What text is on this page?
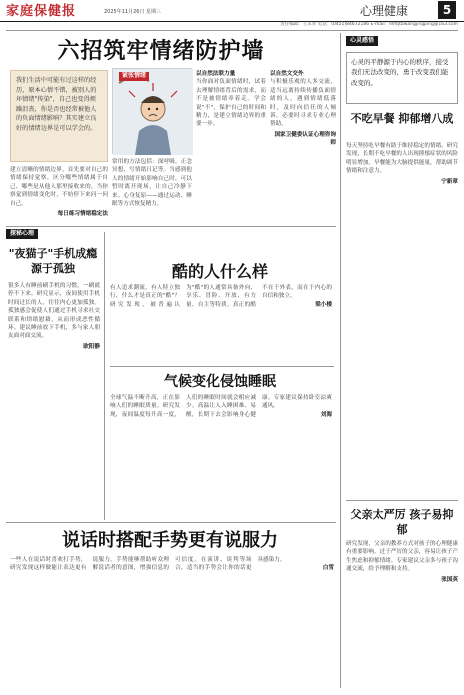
家庭保健报	2025年11月26日 星期三	心理健康	5
责任编辑：王未青 电话：(0451)84672186 E-mail：hlhtjtbwangjingping@163.com
六招筑牢情绪防护墙
我们生活中可能有过这样的经历，原本心情不错，被别人的坏情绪"传染"，自己也变得烦躁沮丧，你是否也经常被他人的负面情绪影响？其实建立良好的情绪边界是可以学会的。
紧张情绪
建立清晰的情绪边界，首先要对自己的情绪保持觉察，区分哪些情绪属于自己、哪些是从他人那里接收来的。当你察觉到情绪变化时，不妨停下来问一问自己。
每日练习情绪稳定法
常用的方法包括：深呼吸、正念冥想、写情绪日记等。当感到他人的情绪开始影响自己时，可以暂时离开现场，让自己冷静下来。心身复原——通过运动、睡眠等方式恢复精力。
以自然法联力量
当你面对负面情绪时，试着去理解情绪背后的需求，而不是被情绪牵着走。学会说"不"，保护自己的时间和精力，是建立情绪边界的重要一步。
以自然文交外
与积极乐观的人多交流，适当远离持续传播负面情绪的人。遇到情绪低落时，及时向信任的人倾诉，必要时寻求专业心理帮助。
国家卫健委认证心理咨询师
心灵感悟
心灵的平静源于内心的秩序，接受我们无法改变的，勇于改变我们能改变的。
不吃早餐 抑郁增八成
每天坚持吃早餐有助于维持稳定的情绪。研究发现，长期不吃早餐的人出现抑郁症状的风险明显增加。早餐能为大脑提供能量，帮助调节情绪和注意力。
宁新章
父亲太严厉 孩子易抑郁
研究发现，父亲的教养方式对孩子的心理健康有重要影响。过于严厉的父亲，容易让孩子产生焦虑和抑郁情绪。专家建议父亲多与孩子沟通交流，给予理解和支持。
张国英
探秘心理
"夜猫子"手机成瘾 源于孤独
很多人有睡前刷手机的习惯，一刷就停不下来。研究显示，夜间使用手机时间过长的人，往往内心更加孤独。孤独感会促使人们通过手机寻求社交联系和情绪慰藉，从而形成恶性循环。建议睡前放下手机，多与家人朋友面对面交流。
欧阳静
酷的人什么样
有人追求潮流，有人特立独行，什么才是真正的"酷"？研究发现，被普遍认为"酷"的人通常具备外向、享乐、冒险、开放、有力量、自主等特质。真正的酷不在于外表，而在于内心的自信和独立。
梁小楼
气候变化侵蚀睡眠
全球气温不断升高，正在影响人们的睡眠质量。研究发现，夜间温度每升高一度，人们的睡眠时间就会相应减少。高温让人入睡困难、易醒，长期下去会影响身心健康。专家建议保持卧室凉爽通风。
刘海
说话时搭配手势更有说服力
一些人在说话时喜欢打手势，研究发现这样做能让表达更有说服力。手势能够帮助听众理解说话者的意图，增强信息的可信度。在演讲、谈判等场合，适当的手势会让你的话更具感染力。
白雪
